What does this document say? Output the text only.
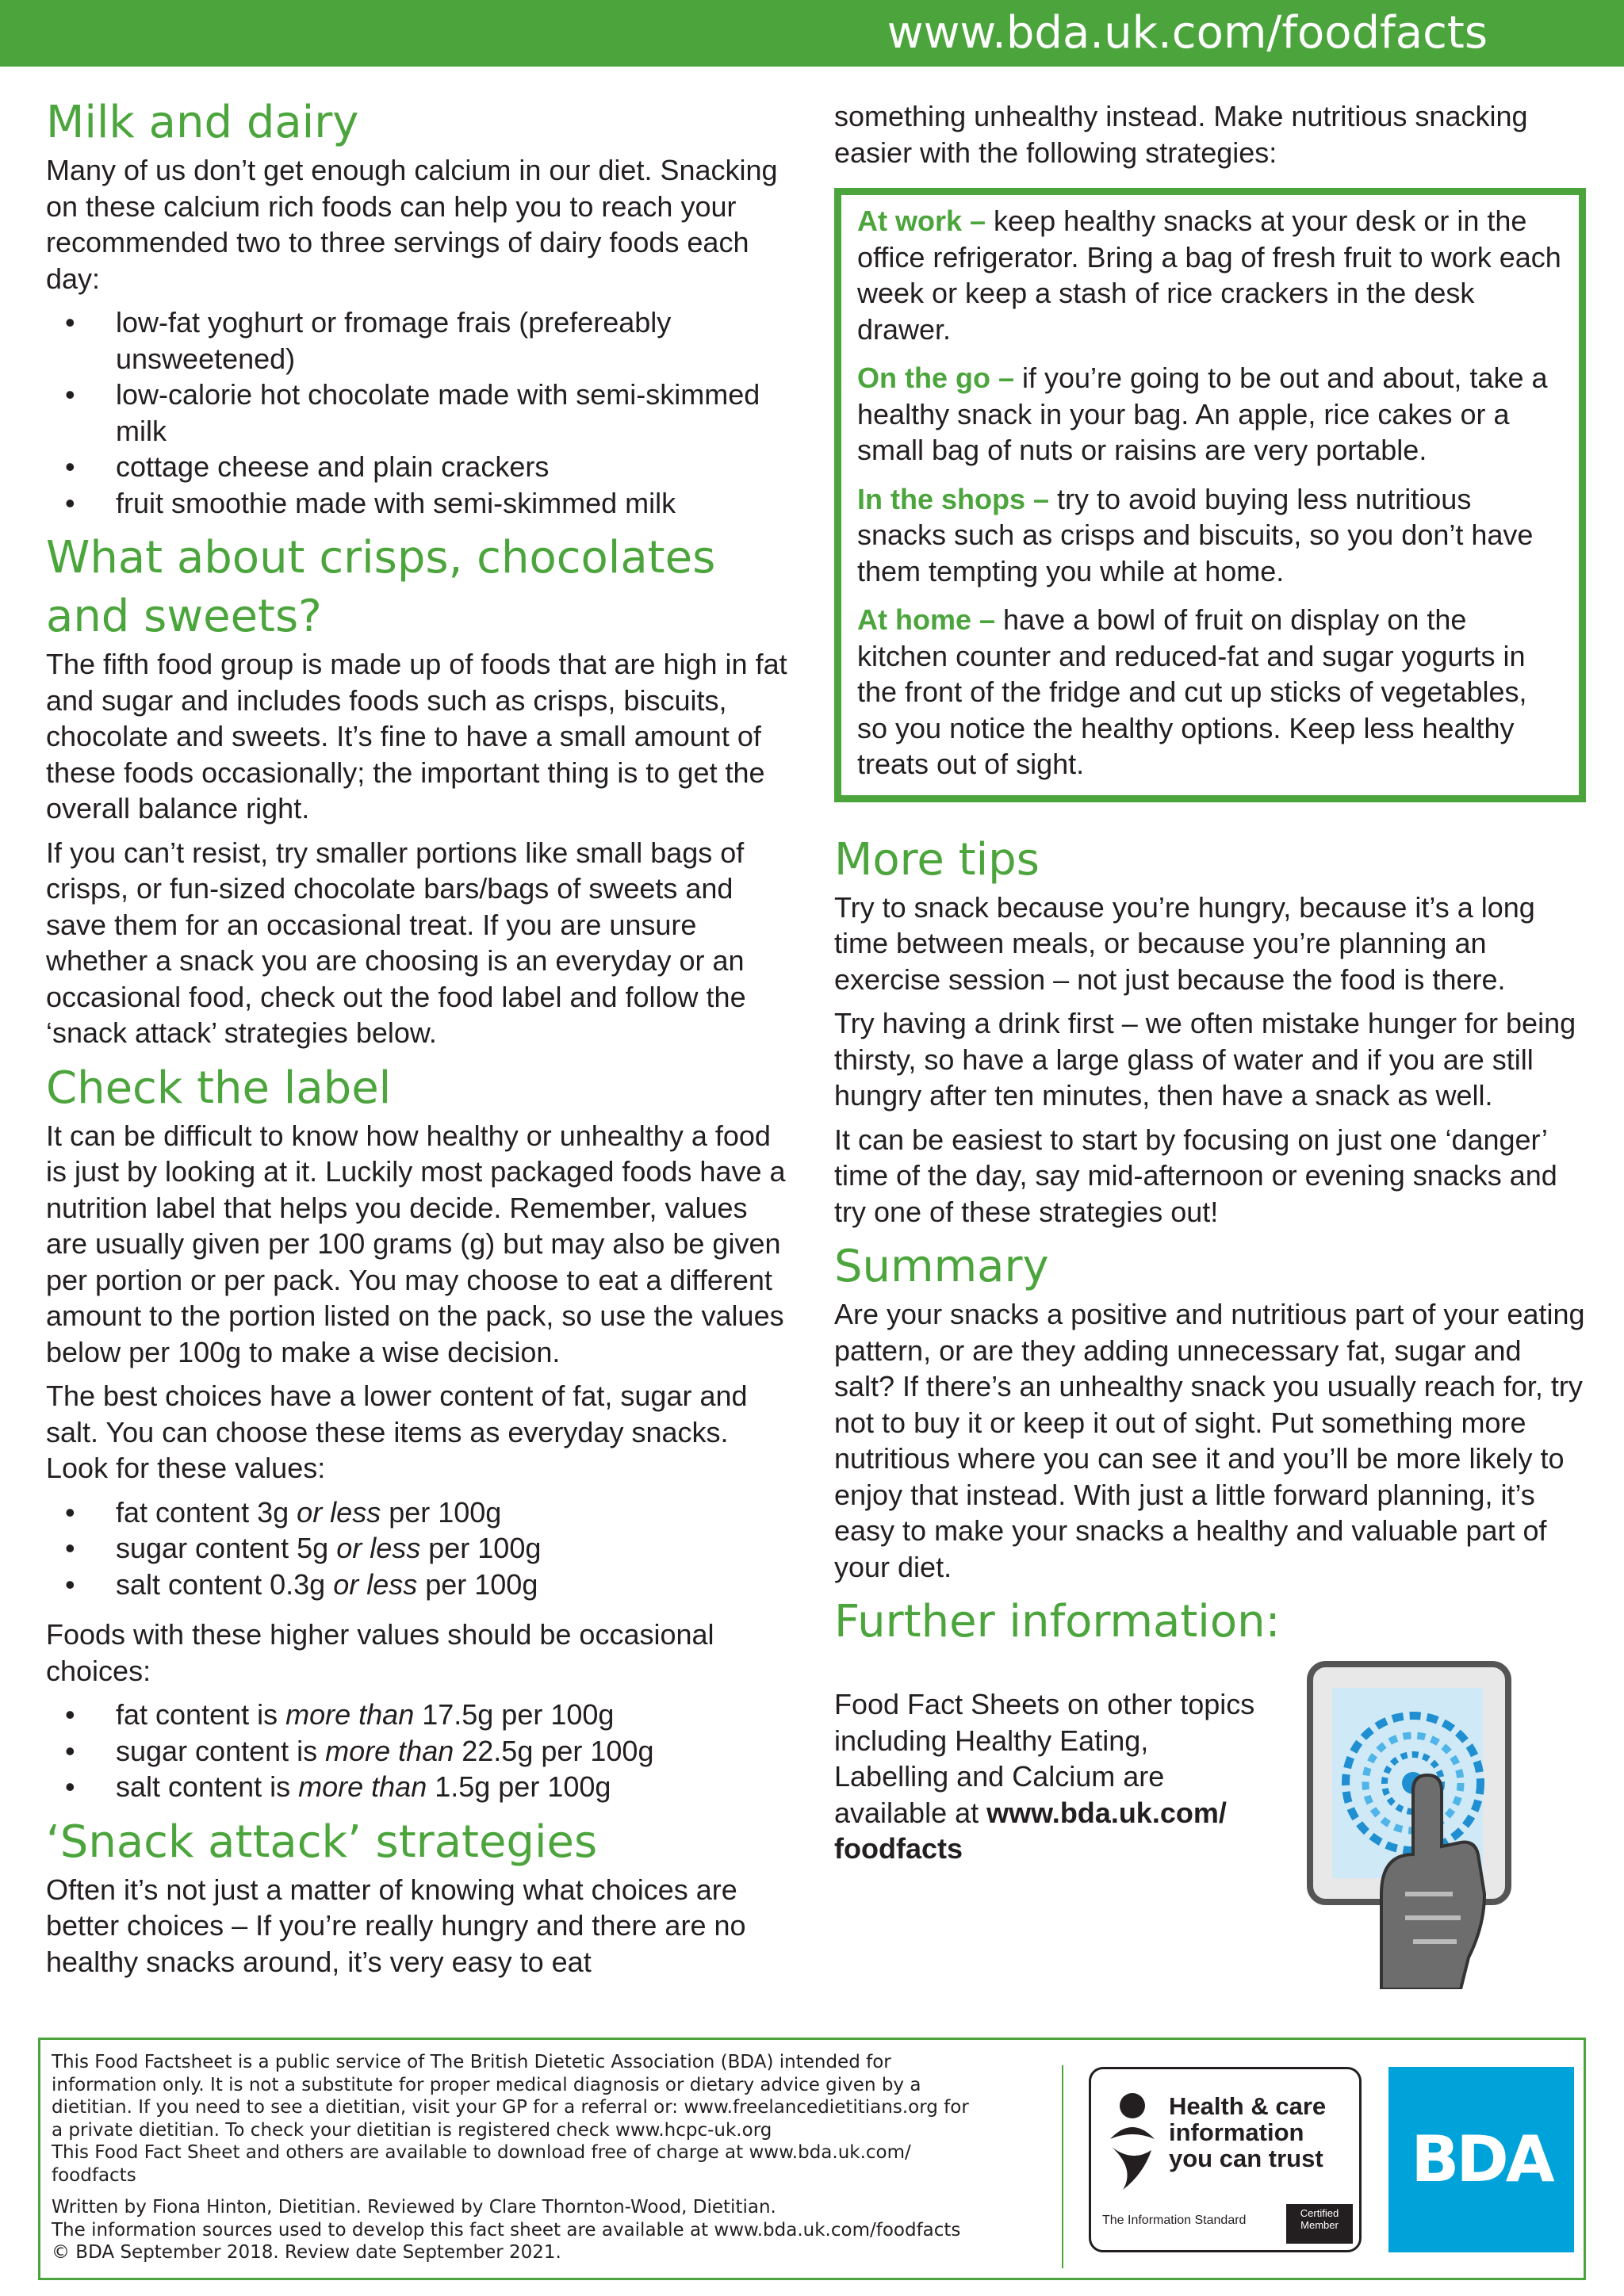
www.bda.uk.com/foodfacts
Milk and dairy

Many of us don’t get enough calcium in our diet. Snacking on these calcium rich foods can help you to reach your recommended two to three servings of dairy foods each day:

• low-fat yoghurt or fromage frais (prefereably unsweetened)
• low-calorie hot chocolate made with semi-skimmed milk
• cottage cheese and plain crackers
• fruit smoothie made with semi-skimmed milk
What about crisps, chocolates and sweets?

The fifth food group is made up of foods that are high in fat and sugar and includes foods such as crisps, biscuits, chocolate and sweets. It’s fine to have a small amount of these foods occasionally; the important thing is to get the overall balance right.

If you can’t resist, try smaller portions like small bags of crisps, or fun-sized chocolate bars/bags of sweets and save them for an occasional treat. If you are unsure whether a snack you are choosing is an everyday or an occasional food, check out the food label and follow the ‘snack attack’ strategies below.

Check the label

It can be difficult to know how healthy or unhealthy a food is just by looking at it. Luckily most packaged foods have a nutrition label that helps you decide. Remember, values are usually given per 100 grams (g) but may also be given per portion or per pack. You may choose to eat a different amount to the portion listed on the pack, so use the values below per 100g to make a wise decision.

The best choices have a lower content of fat, sugar and salt. You can choose these items as everyday snacks. Look for these values:

• fat content 3g or less per 100g
• sugar content 5g or less per 100g
• salt content 0.3g or less per 100g

Foods with these higher values should be occasional choices:

• fat content is more than 17.5g per 100g
• sugar content is more than 22.5g per 100g
• salt content is more than 1.5g per 100g
‘Snack attack’ strategies

Often it’s not just a matter of knowing what choices are better choices – If you’re really hungry and there are no healthy snacks around, it’s very easy to eat

something unhealthy instead. Make nutritious snacking easier with the following strategies:

At work – keep healthy snacks at your desk or in the office refrigerator. Bring a bag of fresh fruit to work each week or keep a stash of rice crackers in the desk drawer.

On the go – if you’re going to be out and about, take a healthy snack in your bag. An apple, rice cakes or a small bag of nuts or raisins are very portable.

In the shops – try to avoid buying less nutritious snacks such as crisps and biscuits, so you don’t have them tempting you while at home.

At home – have a bowl of fruit on display on the kitchen counter and reduced-fat and sugar yogurts in the front of the fridge and cut up sticks of vegetables, so you notice the healthy options. Keep less healthy treats out of sight.

More tips

Try to snack because you’re hungry, because it’s a long time between meals, or because you’re planning an exercise session – not just because the food is there.

Try having a drink first – we often mistake hunger for being thirsty, so have a large glass of water and if you are still hungry after ten minutes, then have a snack as well.

It can be easiest to start by focusing on just one ‘danger’ time of the day, say mid-afternoon or evening snacks and try one of these strategies out!

Summary

Are your snacks a positive and nutritious part of your eating pattern, or are they adding unnecessary fat, sugar and salt? If there’s an unhealthy snack you usually reach for, try not to buy it or keep it out of sight. Put something more nutritious where you can see it and you’ll be more likely to enjoy that instead. With just a little forward planning, it’s easy to make your snacks a healthy and valuable part of your diet.

Further information:

Food Fact Sheets on other topics including Healthy Eating, Labelling and Calcium are available at www.bda.uk.com/ foodfacts

This Food Factsheet is a public service of The British Dietetic Association (BDA) intended for
information only. It is not a substitute for proper medical diagnosis or dietary advice given by a
dietitian. If you need to see a dietitian, visit your GP for a referral or: www.freelancedietitians.org for
a private dietitian. To check your dietitian is registered check www.hcpc-uk.org
This Food Fact Sheet and others are available to download free of charge at www.bda.uk.com/
foodfacts
Written by Fiona Hinton, Dietitian. Reviewed by Clare Thornton-Wood, Dietitian.
The information sources used to develop this fact sheet are available at www.bda.uk.com/foodfacts
© BDA September 2018. Review date September 2021.
Health & care
information
you can trust
The Information Standard
Certified Member
BDA
